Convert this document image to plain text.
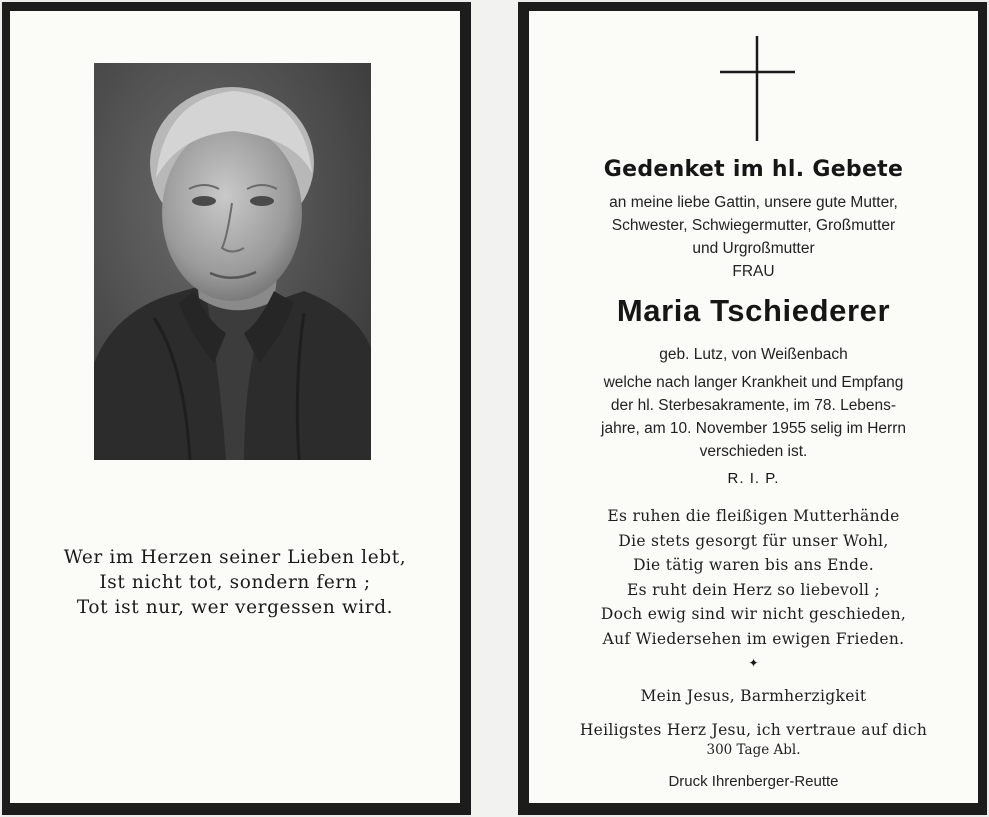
Wer im Herzen seiner Lieben lebt,
Ist nicht tot, sondern fern ;
Tot ist nur, wer vergessen wird.
Gedenket im hl. Gebete
an meine liebe Gattin, unsere gute Mutter,
Schwester, Schwiegermutter, Großmutter
und Urgroßmutter
FRAU
Maria Tschiederer
geb. Lutz, von Weißenbach
welche nach langer Krankheit und Empfang
der hl. Sterbesakramente, im 78. Lebens-
jahre, am 10. November 1955 selig im Herrn
verschieden ist.
R. I. P.
Es ruhen die fleißigen Mutterhände
Die stets gesorgt für unser Wohl,
Die tätig waren bis ans Ende.
Es ruht dein Herz so liebevoll ;
Doch ewig sind wir nicht geschieden,
Auf Wiedersehen im ewigen Frieden.
✦
Mein Jesus, Barmherzigkeit
Heiligstes Herz Jesu, ich vertraue auf dich
300 Tage Abl.
Druck Ihrenberger-Reutte
